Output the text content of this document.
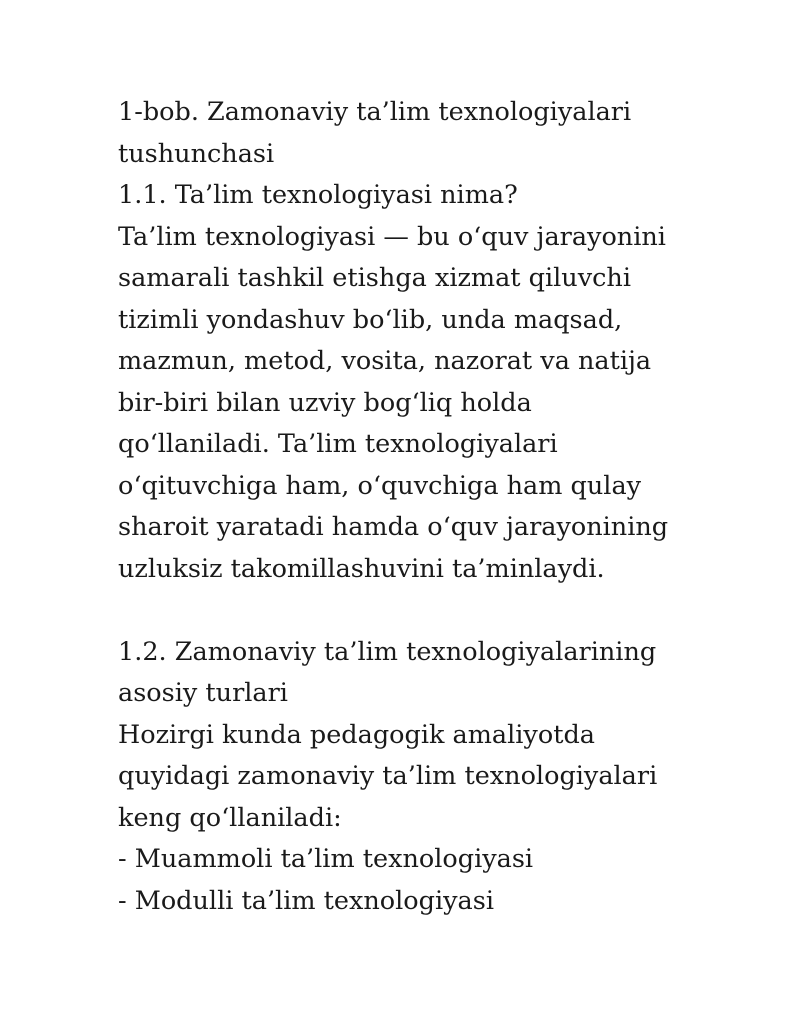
1-bob. Zamonaviy ta’lim texnologiyalari
tushunchasi
1.1. Ta’lim texnologiyasi nima?
Ta’lim texnologiyasi — bu o‘quv jarayonini
samarali tashkil etishga xizmat qiluvchi
tizimli yondashuv bo‘lib, unda maqsad,
mazmun, metod, vosita, nazorat va natija
bir-biri bilan uzviy bog‘liq holda
qo‘llaniladi. Ta’lim texnologiyalari
o‘qituvchiga ham, o‘quvchiga ham qulay
sharoit yaratadi hamda o‘quv jarayonining
uzluksiz takomillashuvini ta’minlaydi.
1.2. Zamonaviy ta’lim texnologiyalarining
asosiy turlari
Hozirgi kunda pedagogik amaliyotda
quyidagi zamonaviy ta’lim texnologiyalari
keng qo‘llaniladi:
- Muammoli ta’lim texnologiyasi
- Modulli ta’lim texnologiyasi
